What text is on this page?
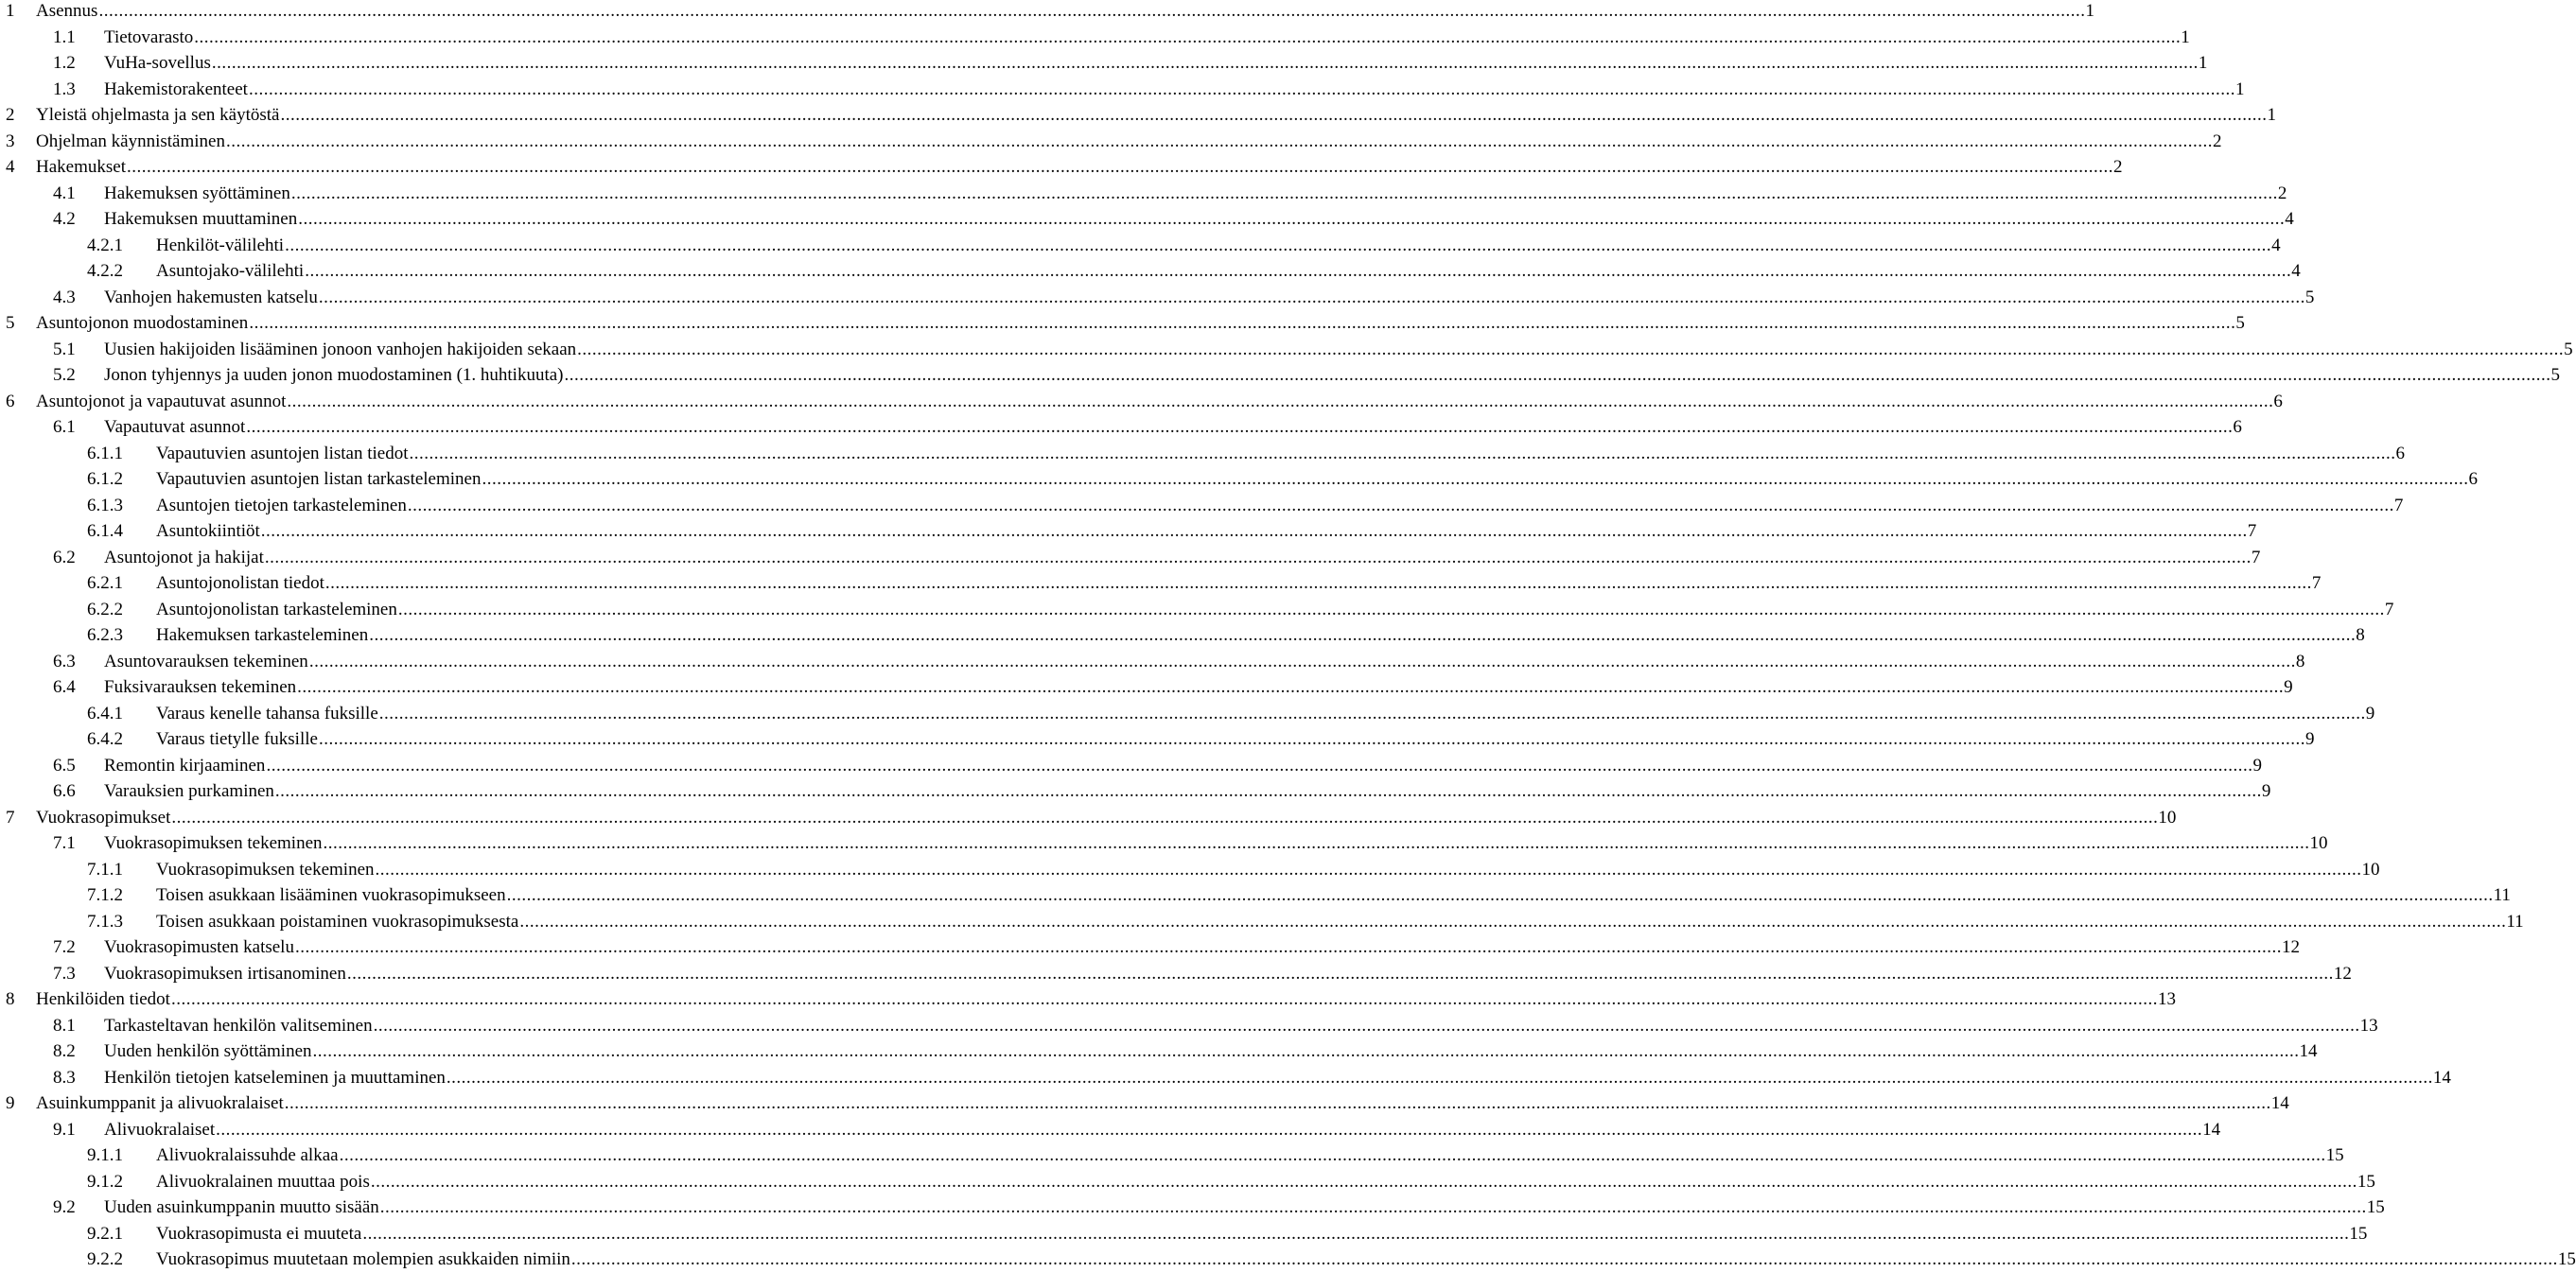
1 Asennus ................................................................................................................................................................................................................................................................................................................................................................................................................ 1
1.1 Tietovarasto ................................................................................................................................................................................................................................................................................................................................................................................................................ 1
1.2 VuHa-sovellus ................................................................................................................................................................................................................................................................................................................................................................................................................ 1
1.3 Hakemistorakenteet ................................................................................................................................................................................................................................................................................................................................................................................................................ 1
2 Yleistä ohjelmasta ja sen käytöstä ................................................................................................................................................................................................................................................................................................................................................................................................................ 1
3 Ohjelman käynnistäminen ................................................................................................................................................................................................................................................................................................................................................................................................................ 2
4 Hakemukset ................................................................................................................................................................................................................................................................................................................................................................................................................ 2
4.1 Hakemuksen syöttäminen ................................................................................................................................................................................................................................................................................................................................................................................................................ 2
4.2 Hakemuksen muuttaminen ................................................................................................................................................................................................................................................................................................................................................................................................................ 4
4.2.1 Henkilöt-välilehti ................................................................................................................................................................................................................................................................................................................................................................................................................ 4
4.2.2 Asuntojako-välilehti ................................................................................................................................................................................................................................................................................................................................................................................................................ 4
4.3 Vanhojen hakemusten katselu ................................................................................................................................................................................................................................................................................................................................................................................................................ 5
5 Asuntojonon muodostaminen ................................................................................................................................................................................................................................................................................................................................................................................................................ 5
5.1 Uusien hakijoiden lisääminen jonoon vanhojen hakijoiden sekaan ................................................................................................................................................................................................................................................................................................................................................................................................................ 5
5.2 Jonon tyhjennys ja uuden jonon muodostaminen (1. huhtikuuta) ................................................................................................................................................................................................................................................................................................................................................................................................................ 5
6 Asuntojonot ja vapautuvat asunnot ................................................................................................................................................................................................................................................................................................................................................................................................................ 6
6.1 Vapautuvat asunnot ................................................................................................................................................................................................................................................................................................................................................................................................................ 6
6.1.1 Vapautuvien asuntojen listan tiedot ................................................................................................................................................................................................................................................................................................................................................................................................................ 6
6.1.2 Vapautuvien asuntojen listan tarkasteleminen ................................................................................................................................................................................................................................................................................................................................................................................................................ 6
6.1.3 Asuntojen tietojen tarkasteleminen ................................................................................................................................................................................................................................................................................................................................................................................................................ 7
6.1.4 Asuntokiintiöt ................................................................................................................................................................................................................................................................................................................................................................................................................ 7
6.2 Asuntojonot ja hakijat ................................................................................................................................................................................................................................................................................................................................................................................................................ 7
6.2.1 Asuntojonolistan tiedot ................................................................................................................................................................................................................................................................................................................................................................................................................ 7
6.2.2 Asuntojonolistan tarkasteleminen ................................................................................................................................................................................................................................................................................................................................................................................................................ 7
6.2.3 Hakemuksen tarkasteleminen ................................................................................................................................................................................................................................................................................................................................................................................................................ 8
6.3 Asuntovarauksen tekeminen ................................................................................................................................................................................................................................................................................................................................................................................................................ 8
6.4 Fuksivarauksen tekeminen ................................................................................................................................................................................................................................................................................................................................................................................................................ 9
6.4.1 Varaus kenelle tahansa fuksille ................................................................................................................................................................................................................................................................................................................................................................................................................ 9
6.4.2 Varaus tietylle fuksille ................................................................................................................................................................................................................................................................................................................................................................................................................ 9
6.5 Remontin kirjaaminen ................................................................................................................................................................................................................................................................................................................................................................................................................ 9
6.6 Varauksien purkaminen ................................................................................................................................................................................................................................................................................................................................................................................................................ 9
7 Vuokrasopimukset ................................................................................................................................................................................................................................................................................................................................................................................................................ 10
7.1 Vuokrasopimuksen tekeminen ................................................................................................................................................................................................................................................................................................................................................................................................................ 10
7.1.1 Vuokrasopimuksen tekeminen ................................................................................................................................................................................................................................................................................................................................................................................................................ 10
7.1.2 Toisen asukkaan lisääminen vuokrasopimukseen ................................................................................................................................................................................................................................................................................................................................................................................................................ 11
7.1.3 Toisen asukkaan poistaminen vuokrasopimuksesta ................................................................................................................................................................................................................................................................................................................................................................................................................ 11
7.2 Vuokrasopimusten katselu ................................................................................................................................................................................................................................................................................................................................................................................................................ 12
7.3 Vuokrasopimuksen irtisanominen ................................................................................................................................................................................................................................................................................................................................................................................................................ 12
8 Henkilöiden tiedot ................................................................................................................................................................................................................................................................................................................................................................................................................ 13
8.1 Tarkasteltavan henkilön valitseminen ................................................................................................................................................................................................................................................................................................................................................................................................................ 13
8.2 Uuden henkilön syöttäminen ................................................................................................................................................................................................................................................................................................................................................................................................................ 14
8.3 Henkilön tietojen katseleminen ja muuttaminen ................................................................................................................................................................................................................................................................................................................................................................................................................ 14
9 Asuinkumppanit ja alivuokralaiset ................................................................................................................................................................................................................................................................................................................................................................................................................ 14
9.1 Alivuokralaiset ................................................................................................................................................................................................................................................................................................................................................................................................................ 14
9.1.1 Alivuokralaissuhde alkaa ................................................................................................................................................................................................................................................................................................................................................................................................................ 15
9.1.2 Alivuokralainen muuttaa pois ................................................................................................................................................................................................................................................................................................................................................................................................................ 15
9.2 Uuden asuinkumppanin muutto sisään ................................................................................................................................................................................................................................................................................................................................................................................................................ 15
9.2.1 Vuokrasopimusta ei muuteta ................................................................................................................................................................................................................................................................................................................................................................................................................ 15
9.2.2 Vuokrasopimus muutetaan molempien asukkaiden nimiin ................................................................................................................................................................................................................................................................................................................................................................................................................ 15
